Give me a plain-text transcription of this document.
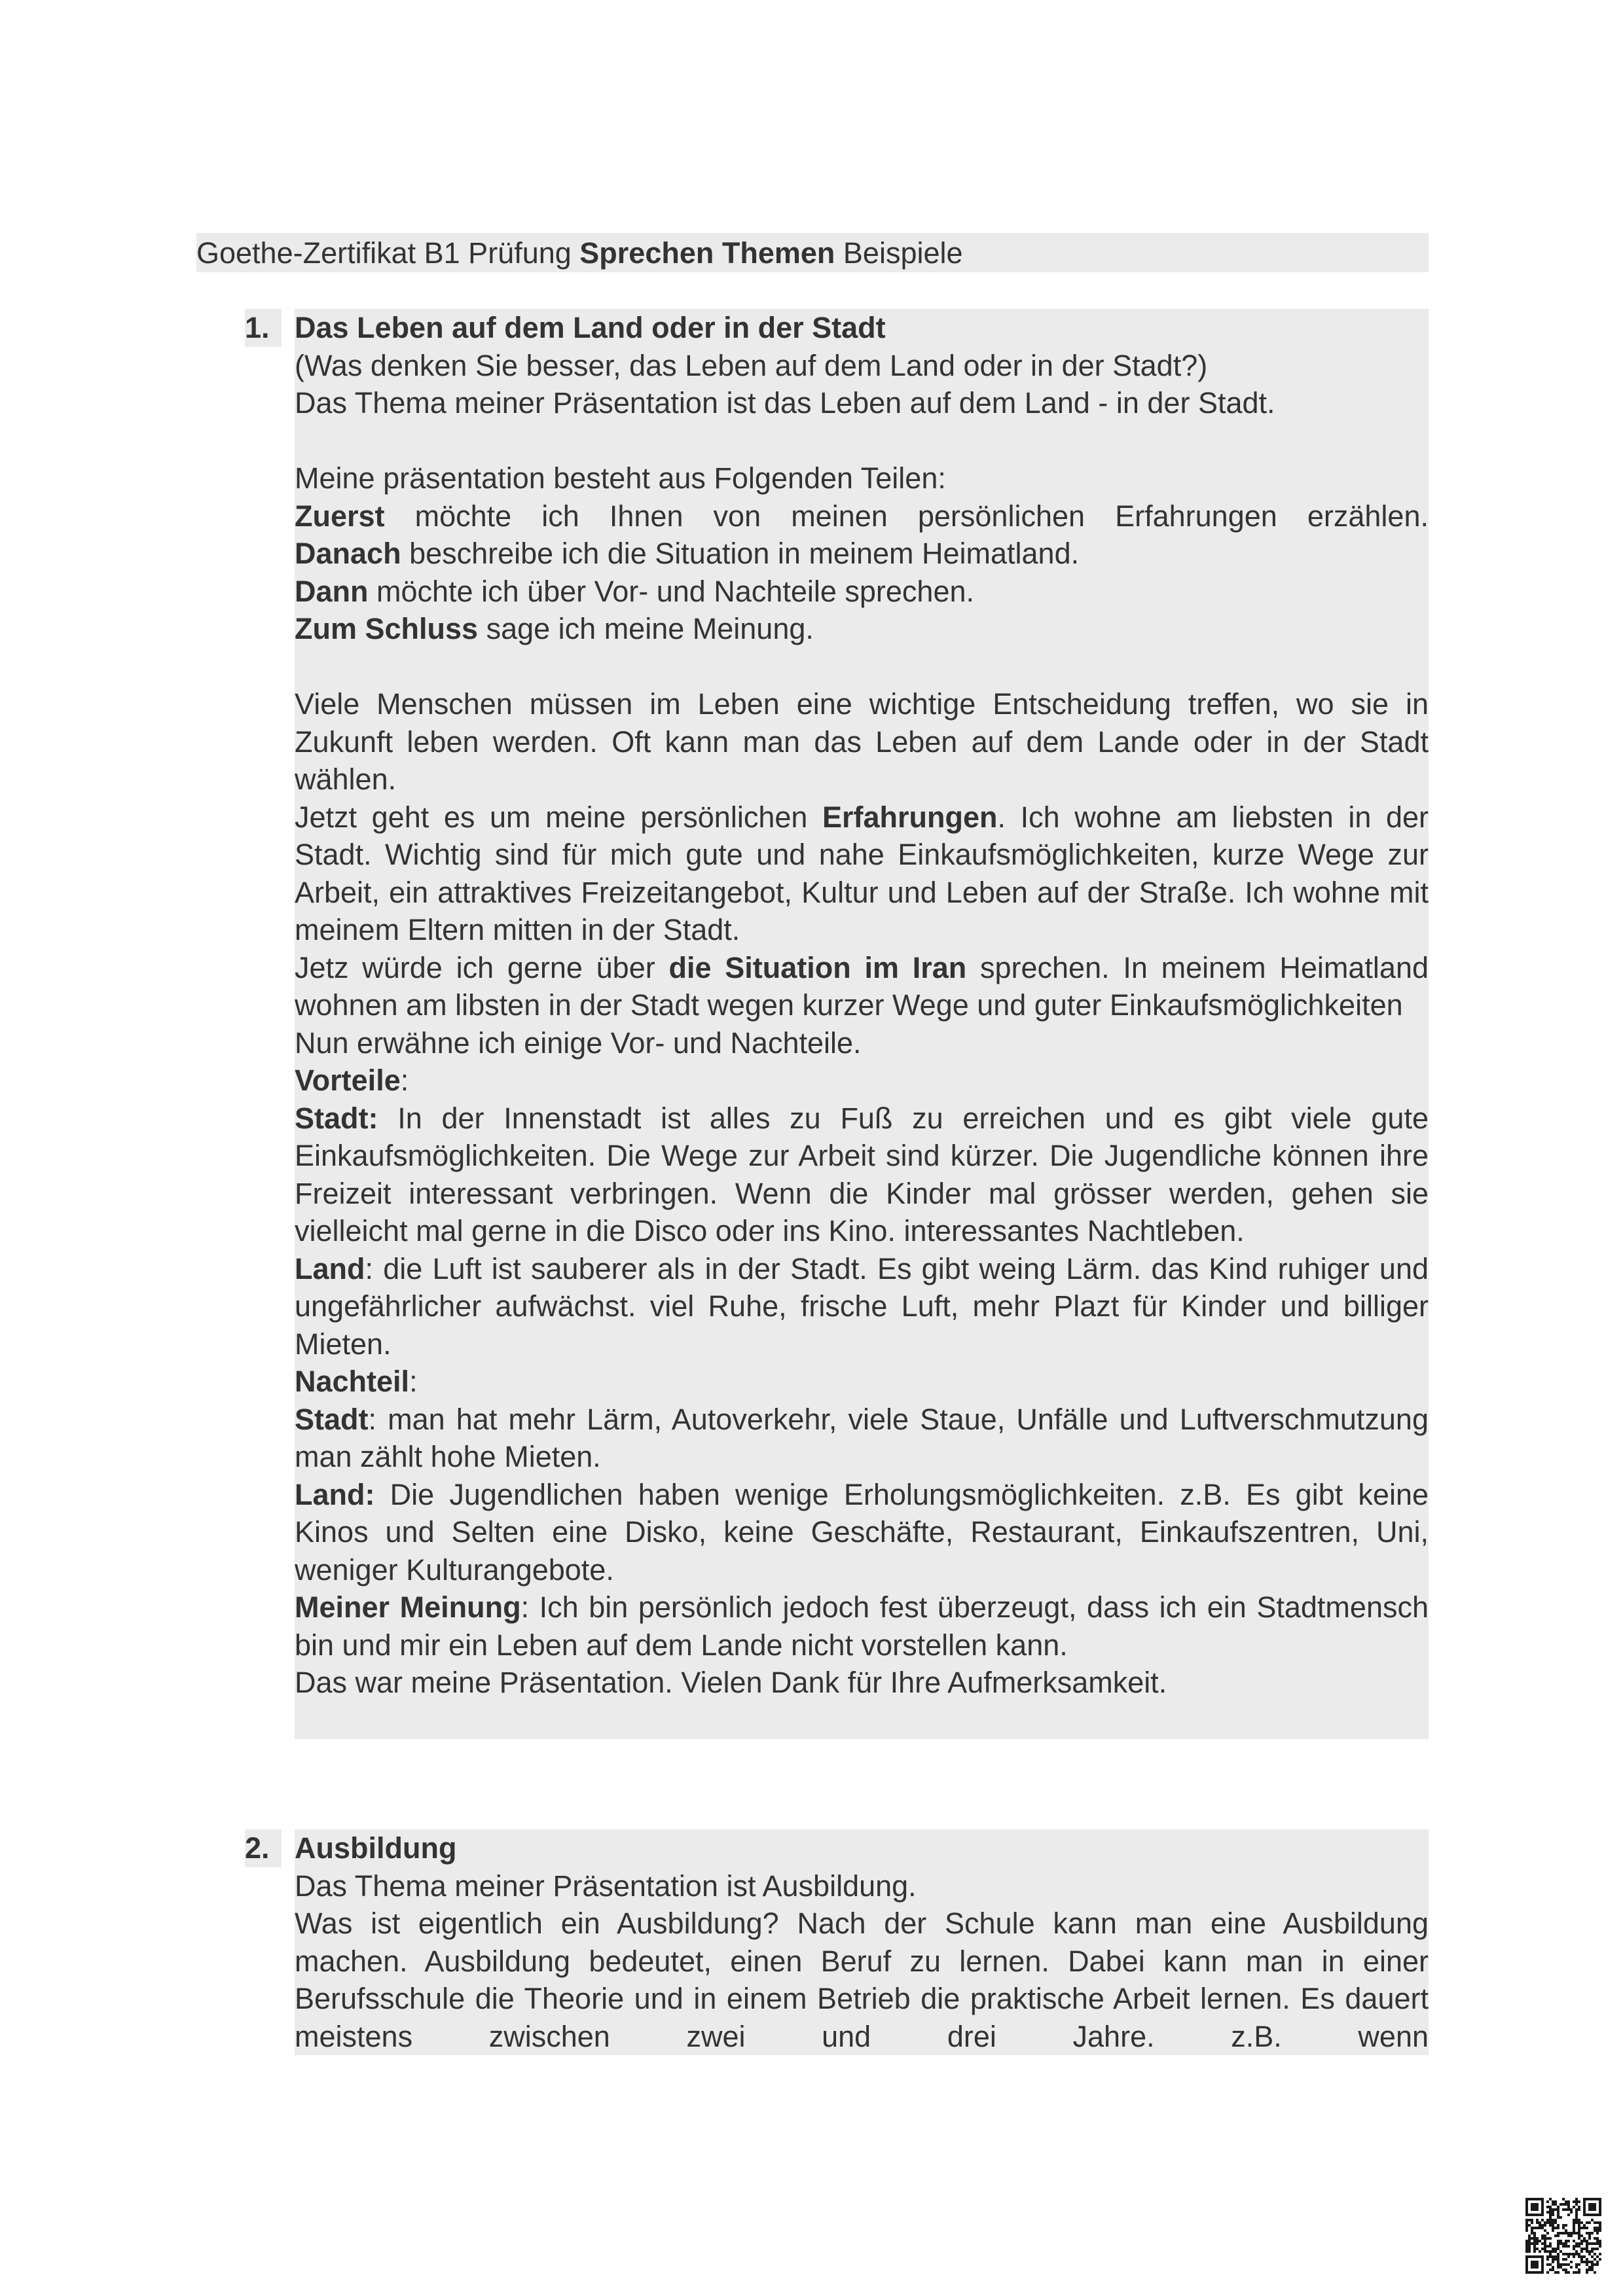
Goethe-Zertifikat B1 Prüfung Sprechen Themen Beispiele
1. Das Leben auf dem Land oder in der Stadt

(Was denken Sie besser, das Leben auf dem Land oder in der Stadt?)

Das Thema meiner Präsentation ist das Leben auf dem Land - in der Stadt.

Meine präsentation besteht aus Folgenden Teilen:

Zuerst möchte ich Ihnen von meinen persönlichen Erfahrungen erzählen.

Danach beschreibe ich die Situation in meinem Heimatland.

Dann möchte ich über Vor- und Nachteile sprechen.

Zum Schluss sage ich meine Meinung.

Viele Menschen müssen im Leben eine wichtige Entscheidung treffen, wo sie in Zukunft leben werden. Oft kann man das Leben auf dem Lande oder in der Stadt wählen.

Jetzt geht es um meine persönlichen Erfahrungen. Ich wohne am liebsten in der Stadt. Wichtig sind für mich gute und nahe Einkaufsmöglichkeiten, kurze Wege zur Arbeit, ein attraktives Freizeitangebot, Kultur und Leben auf der Straße. Ich wohne mit meinem Eltern mitten in der Stadt.

Jetz würde ich gerne über die Situation im Iran sprechen. In meinem Heimatland wohnen am libsten in der Stadt wegen kurzer Wege und guter Einkaufsmöglichkeiten

Nun erwähne ich einige Vor- und Nachteile.

Vorteile:

Stadt: In der Innenstadt ist alles zu Fuß zu erreichen und es gibt viele gute Einkaufsmöglichkeiten. Die Wege zur Arbeit sind kürzer. Die Jugendliche können ihre Freizeit interessant verbringen. Wenn die Kinder mal grösser werden, gehen sie vielleicht mal gerne in die Disco oder ins Kino. interessantes Nachtleben.

Land: die Luft ist sauberer als in der Stadt. Es gibt weing Lärm. das Kind ruhiger und ungefährlicher aufwächst. viel Ruhe, frische Luft, mehr Plazt für Kinder und billiger Mieten.

Nachteil:

Stadt: man hat mehr Lärm, Autoverkehr, viele Staue, Unfälle und Luftverschmutzung man zählt hohe Mieten.

Land: Die Jugendlichen haben wenige Erholungsmöglichkeiten. z.B. Es gibt keine Kinos und Selten eine Disko, keine Geschäfte, Restaurant, Einkaufszentren, Uni, weniger Kulturangebote.

Meiner Meinung: Ich bin persönlich jedoch fest überzeugt, dass ich ein Stadtmensch bin und mir ein Leben auf dem Lande nicht vorstellen kann.

Das war meine Präsentation. Vielen Dank für Ihre Aufmerksamkeit.

2. Ausbildung

Das Thema meiner Präsentation ist Ausbildung.

Was ist eigentlich ein Ausbildung? Nach der Schule kann man eine Ausbildung machen. Ausbildung bedeutet, einen Beruf zu lernen. Dabei kann man in einer Berufsschule die Theorie und in einem Betrieb die praktische Arbeit lernen. Es dauert meistens zwischen zwei und drei Jahre. z.B. wenn
